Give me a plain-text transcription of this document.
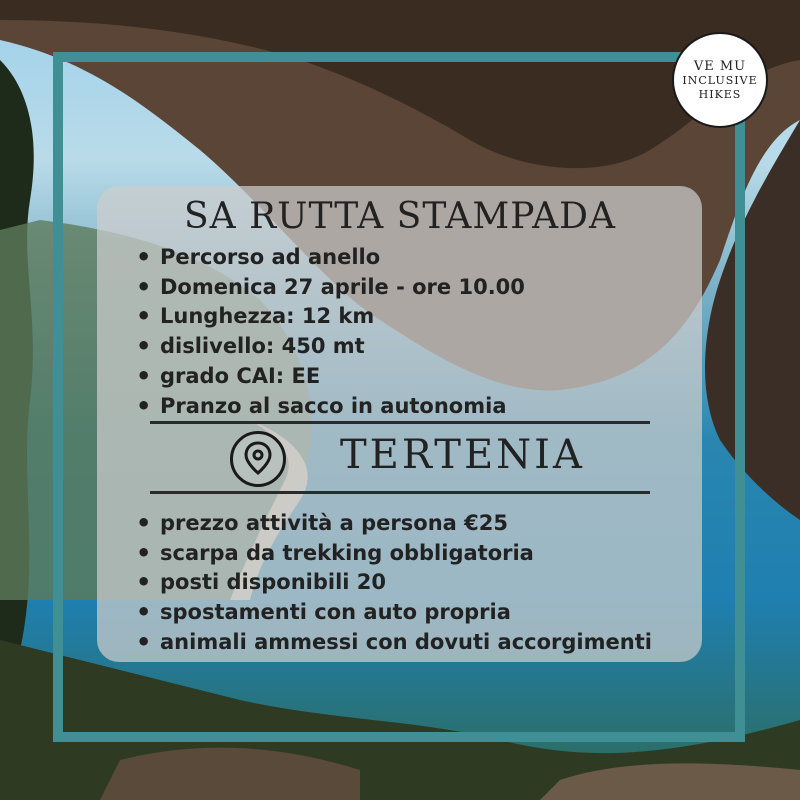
SA RUTTA STAMPADA
• Percorso ad anello
• Domenica 27 aprile - ore 10.00
• Lunghezza: 12 km
• dislivello: 450 mt
• grado CAI: EE
• Pranzo al sacco in autonomia
TERTENIA
• prezzo attività a persona €25
• scarpa da trekking obbligatoria
• posti disponibili 20
• spostamenti con auto propria
• animali ammessi con dovuti accorgimenti
VE MU
INCLUSIVE
HIKES
